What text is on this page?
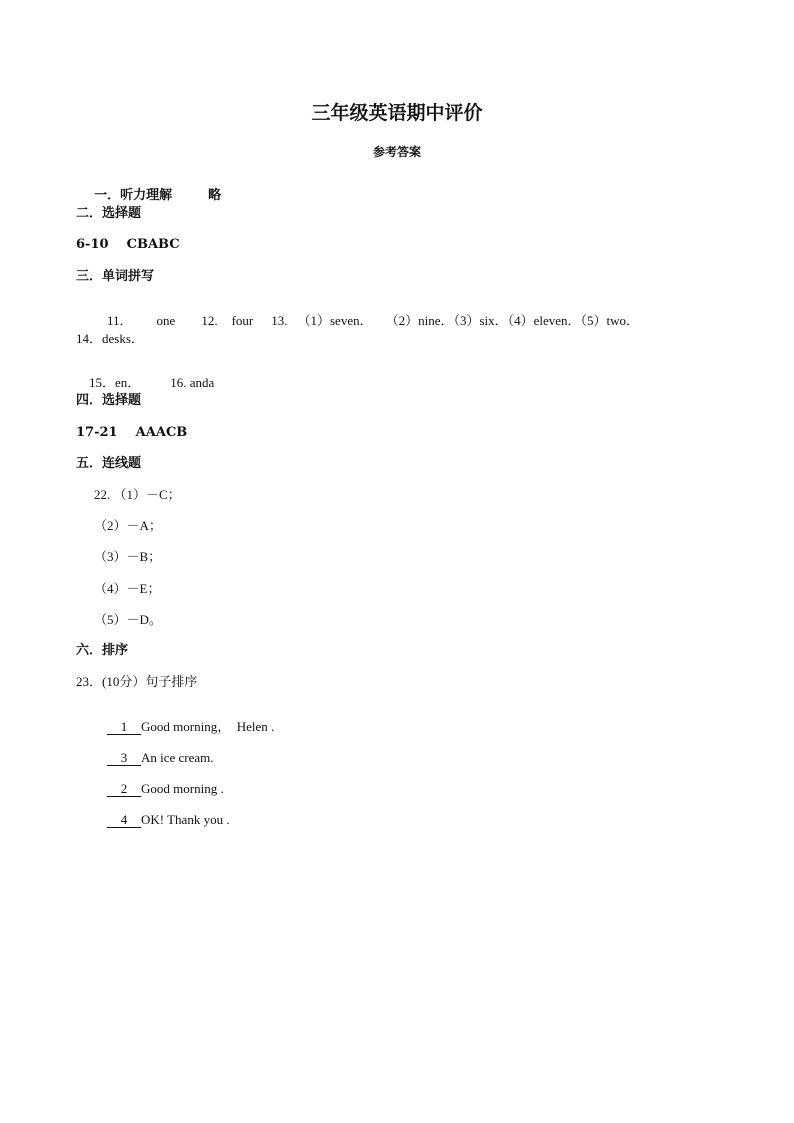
三年级英语期中评价
参考答案

一．听力理解	略

二．选择题
6-10    CBABC
三．单词拼写

11． one 12. four 13. （1）seven．    （2）nine．（3）six．（4）eleven．（5）two．

14．desks．

15．en． 16. anda

四．选择题
17-21    AAACB
五．连线题
22. （1）－C；
（2）－A；
（3）－B；
（4）－E；
（5）－D。
六．排序
23．(10分）句子排序

1 Good morning，  Helen .

3 An ice cream.

2 Good morning .

4 OK! Thank you .
